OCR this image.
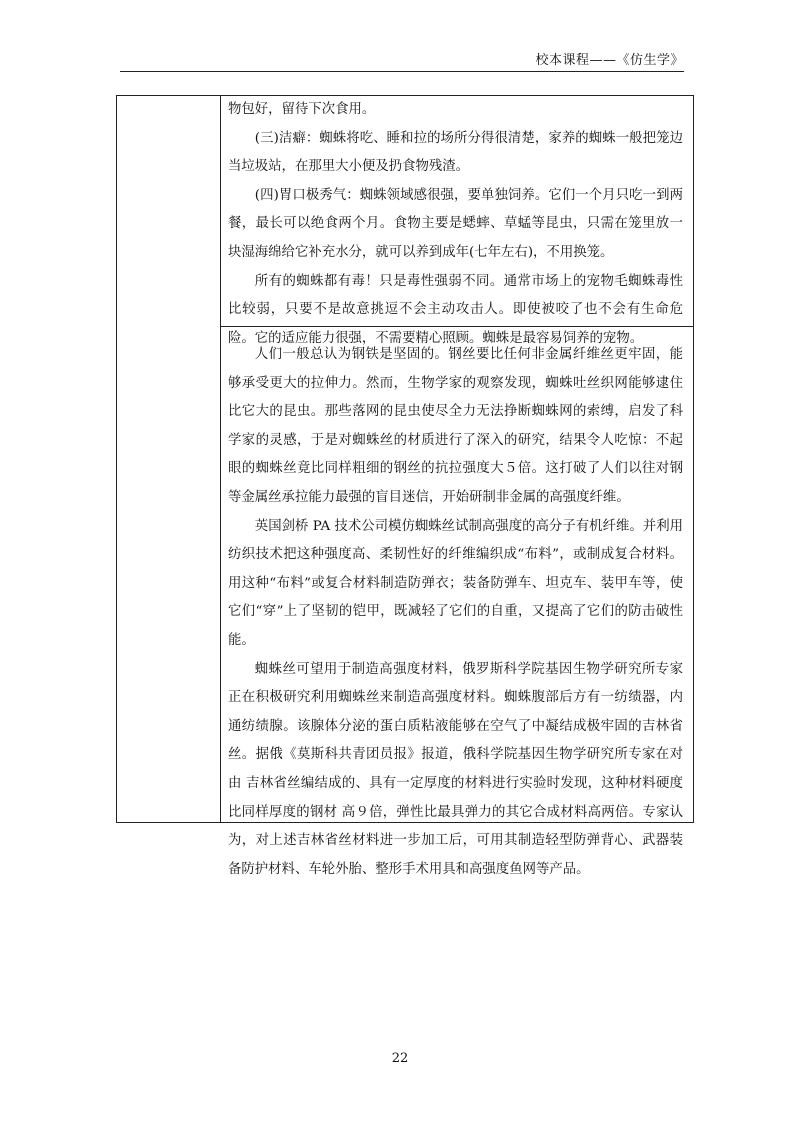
校本课程——《仿生学》

物包好，留待下次食用。

(三)洁癖：蜘蛛将吃、睡和拉的场所分得很清楚，家养的蜘蛛一般把笼边当垃圾站，在那里大小便及扔食物残渣。

(四)胃口极秀气：蜘蛛领域感很强，要单独饲养。它们一个月只吃一到两餐，最长可以绝食两个月。食物主要是蟋蟀、草蜢等昆虫，只需在笼里放一块湿海绵给它补充水分，就可以养到成年(七年左右)，不用换笼。

所有的蜘蛛都有毒！只是毒性强弱不同。通常市场上的宠物毛蜘蛛毒性比较弱，只要不是故意挑逗不会主动攻击人。即使被咬了也不会有生命危险。它的适应能力很强，不需要精心照顾。蜘蛛是最容易饲养的宠物。

人们一般总认为钢铁是坚固的。钢丝要比任何非金属纤维丝更牢固，能够承受更大的拉伸力。然而，生物学家的观察发现，蜘蛛吐丝织网能够逮住比它大的昆虫。那些落网的昆虫使尽全力无法挣断蜘蛛网的索缚，启发了科学家的灵感，于是对蜘蛛丝的材质进行了深入的研究，结果令人吃惊：不起眼的蜘蛛丝竟比同样粗细的钢丝的抗拉强度大５倍。这打破了人们以往对钢等金属丝承拉能力最强的盲目迷信，开始研制非金属的高强度纤维。

英国剑桥 PA 技术公司模仿蜘蛛丝试制高强度的高分子有机纤维。并利用纺织技术把这种强度高、柔韧性好的纤维编织成“布料”，或制成复合材料。用这种“布料”或复合材料制造防弹衣；装备防弹车、坦克车、装甲车等，使它们“穿”上了坚韧的铠甲，既减轻了它们的自重，又提高了它们的防击破性能。

蜘蛛丝可望用于制造高强度材料，俄罗斯科学院基因生物学研究所专家正在积极研究利用蜘蛛丝来制造高强度材料。蜘蛛腹部后方有一纺绩器，内通纺绩腺。该腺体分泌的蛋白质粘液能够在空气了中凝结成极牢固的吉林省丝。据俄《莫斯科共青团员报》报道，俄科学院基因生物学研究所专家在对由 吉林省丝编结成的、具有一定厚度的材料进行实验时发现，这种材料硬度比同样厚度的钢材 高９倍，弹性比最具弹力的其它合成材料高两倍。专家认为，对上述吉林省丝材料进一步加工后，可用其制造轻型防弹背心、武器装备防护材料、车轮外胎、整形手术用具和高强度鱼网等产品。

22
